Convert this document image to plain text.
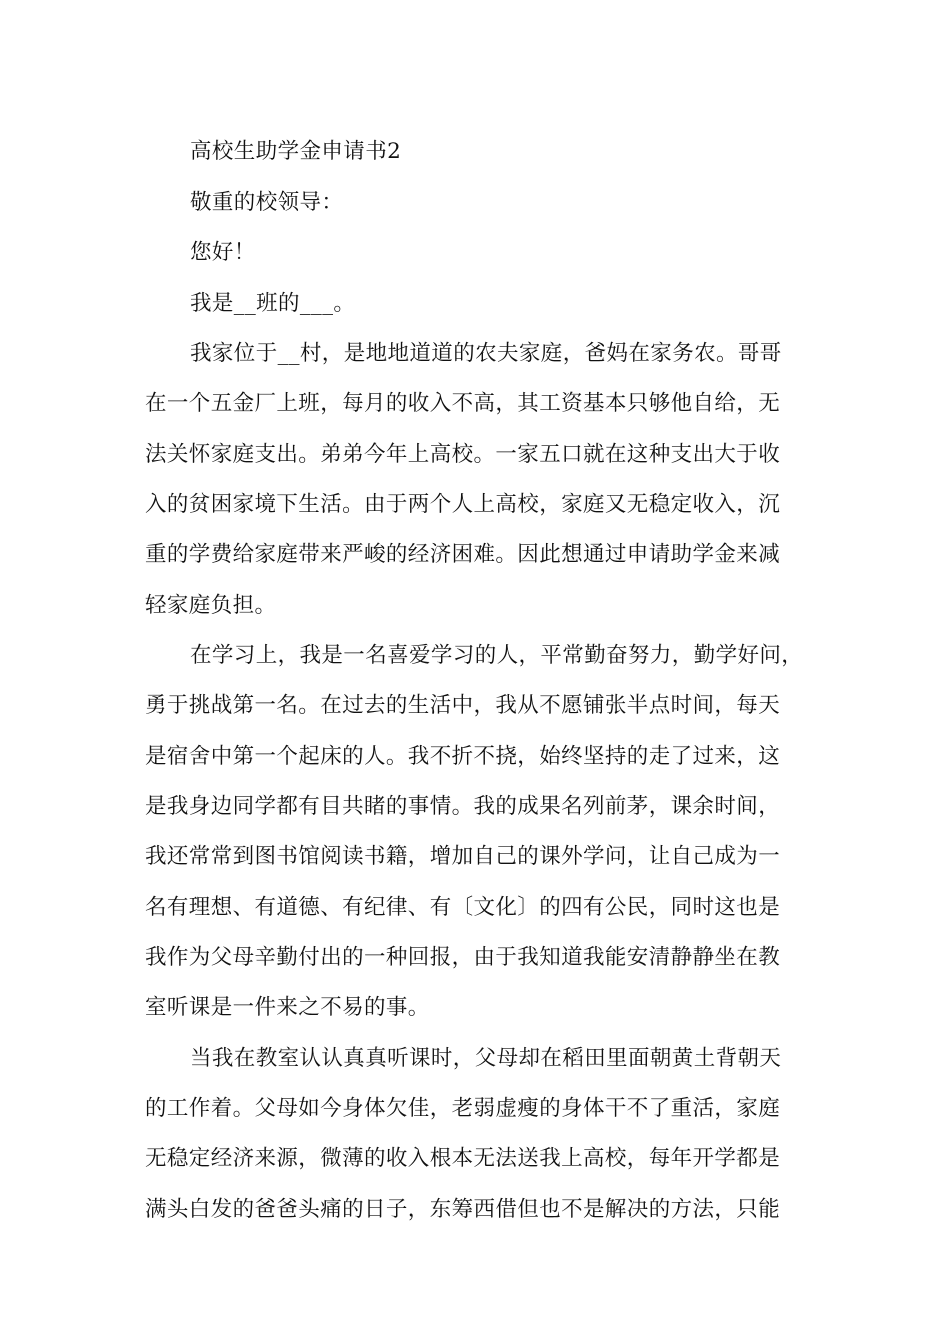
高校生助学金申请书2
敬重的校领导：
您好！
我是__班的___。
我家位于__村，是地地道道的农夫家庭，爸妈在家务农。哥哥
在一个五金厂上班，每月的收入不高，其工资基本只够他自给，无
法关怀家庭支出。弟弟今年上高校。一家五口就在这种支出大于收
入的贫困家境下生活。由于两个人上高校，家庭又无稳定收入，沉
重的学费给家庭带来严峻的经济困难。因此想通过申请助学金来减
轻家庭负担。
在学习上，我是一名喜爱学习的人，平常勤奋努力，勤学好问，
勇于挑战第一名。在过去的生活中，我从不愿铺张半点时间，每天
是宿舍中第一个起床的人。我不折不挠，始终坚持的走了过来，这
是我身边同学都有目共睹的事情。我的成果名列前茅，课余时间，
我还常常到图书馆阅读书籍，增加自己的课外学问，让自己成为一
名有理想、有道德、有纪律、有〔文化〕的四有公民，同时这也是
我作为父母辛勤付出的一种回报，由于我知道我能安清静静坐在教
室听课是一件来之不易的事。
当我在教室认认真真听课时，父母却在稻田里面朝黄土背朝天
的工作着。父母如今身体欠佳，老弱虚瘦的身体干不了重活，家庭
无稳定经济来源，微薄的收入根本无法送我上高校，每年开学都是
满头白发的爸爸头痛的日子，东筹西借但也不是解决的方法，只能
